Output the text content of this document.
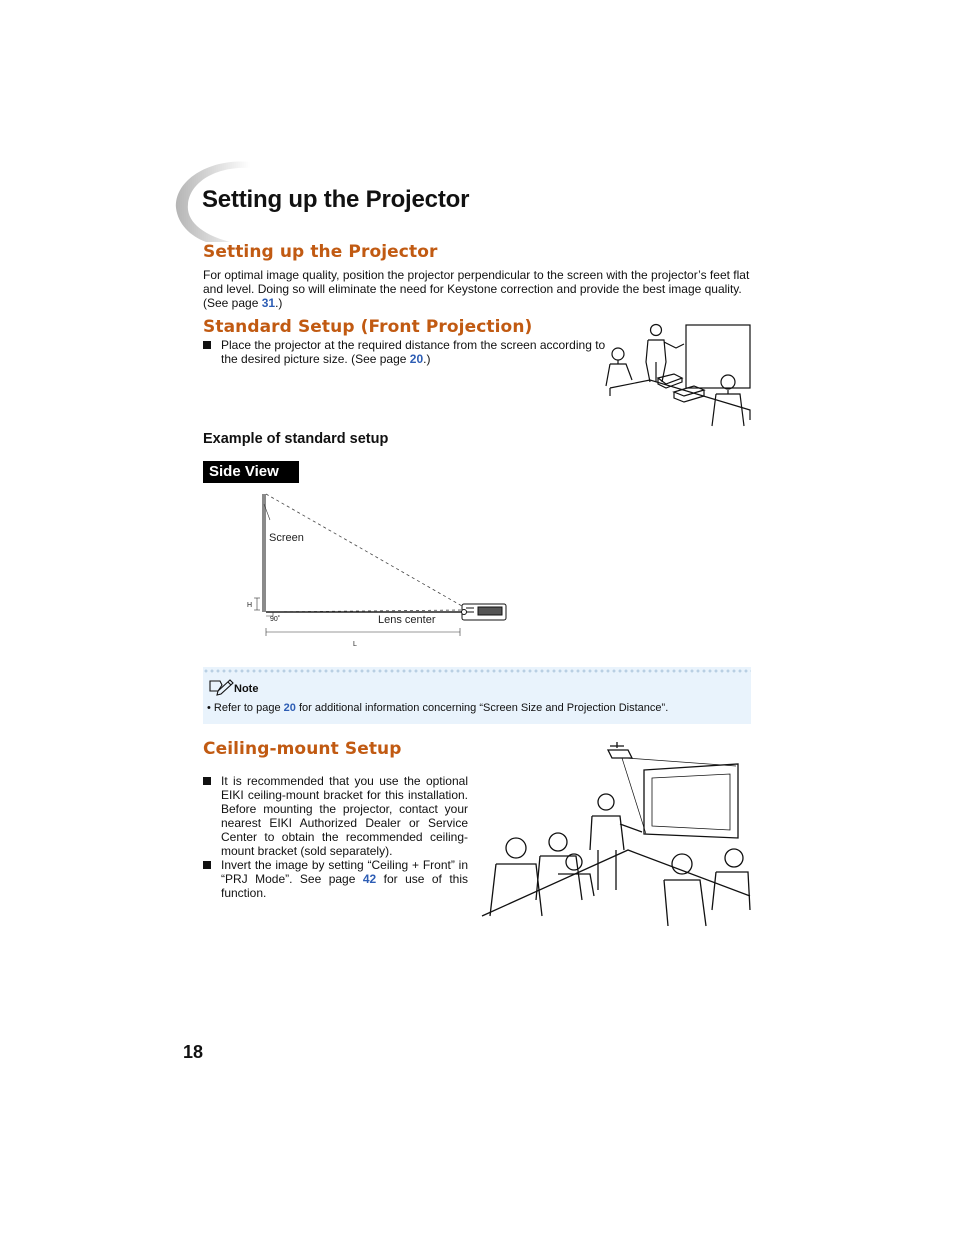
Setting up the Projector
Setting up the Projector
For optimal image quality, position the projector perpendicular to the screen with the projector’s feet flat and level. Doing so will eliminate the need for Keystone correction and provide the best image quality. (See page 31.)
Standard Setup (Front Projection)
Place the projector at the required distance from the screen according to the desired picture size. (See page 20.)
Example of standard setup
Side View
Screen
H
90˚	Lens center
L
Note
• Refer to page 20 for additional information concerning “Screen Size and Projection Distance”.
Ceiling-mount Setup
It is recommended that you use the optional EIKI ceiling-mount bracket for this installation. Before mounting the projector, contact your nearest EIKI Authorized Dealer or Service Center to obtain the recommended ceiling-mount bracket (sold separately).
Invert the image by setting “Ceiling + Front” in “PRJ Mode”. See page 42 for use of this function.
18
